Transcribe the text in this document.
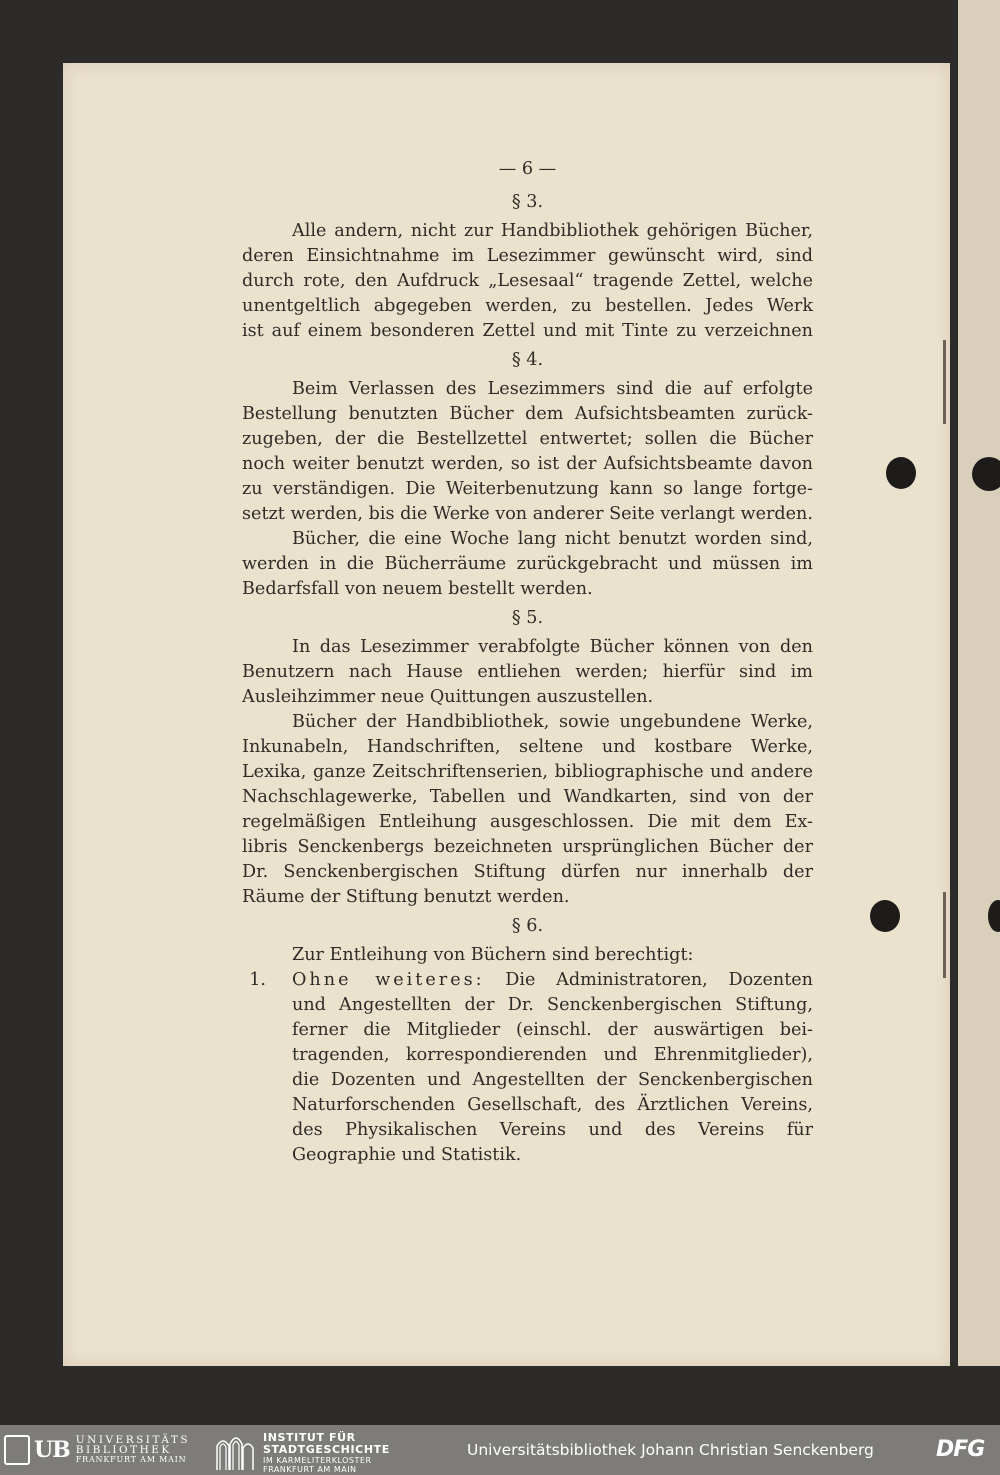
— 6 —

§ 3.

Alle andern, nicht zur Handbibliothek gehörigen Bücher,

deren Einsichtnahme im Lesezimmer gewünscht wird, sind

durch rote, den Aufdruck „Lesesaal“ tragende Zettel, welche

unentgeltlich abgegeben werden, zu bestellen. Jedes Werk

ist auf einem besonderen Zettel und mit Tinte zu verzeichnen

§ 4.

Beim Verlassen des Lesezimmers sind die auf erfolgte

Bestellung benutzten Bücher dem Aufsichtsbeamten zurück-

zugeben, der die Bestellzettel entwertet; sollen die Bücher

noch weiter benutzt werden, so ist der Aufsichtsbeamte davon

zu verständigen. Die Weiterbenutzung kann so lange fortge-

setzt werden, bis die Werke von anderer Seite verlangt werden.

Bücher, die eine Woche lang nicht benutzt worden sind,

werden in die Bücherräume zurückgebracht und müssen im

Bedarfsfall von neuem bestellt werden.

§ 5.

In das Lesezimmer verabfolgte Bücher können von den

Benutzern nach Hause entliehen werden; hierfür sind im

Ausleihzimmer neue Quittungen auszustellen.

Bücher der Handbibliothek, sowie ungebundene Werke,

Inkunabeln, Handschriften, seltene und kostbare Werke,

Lexika, ganze Zeitschriftenserien, bibliographische und andere

Nachschlagewerke, Tabellen und Wandkarten, sind von der

regelmäßigen Entleihung ausgeschlossen. Die mit dem Ex-

libris Senckenbergs bezeichneten ursprünglichen Bücher der

Dr. Senckenbergischen Stiftung dürfen nur innerhalb der

Räume der Stiftung benutzt werden.

§ 6.

Zur Entleihung von Büchern sind berechtigt:

1.	Ohne weiteres: Die Administratoren, Dozenten

und Angestellten der Dr. Senckenbergischen Stiftung,

ferner die Mitglieder (einschl. der auswärtigen bei-

tragenden, korrespondierenden und Ehrenmitglieder),

die Dozenten und Angestellten der Senckenbergischen

Naturforschenden Gesellschaft, des Ärztlichen Vereins,

des Physikalischen Vereins und des Vereins für

Geographie und Statistik.

UB UNIVERSITÄTS
BIBLIOTHEK
FRANKFURT AM MAIN
INSTITUT FÜR
STADTGESCHICHTE
IM KARMELITERKLOSTER
FRANKFURT AM MAIN
Universitätsbibliothek Johann Christian Senckenberg	DFG
